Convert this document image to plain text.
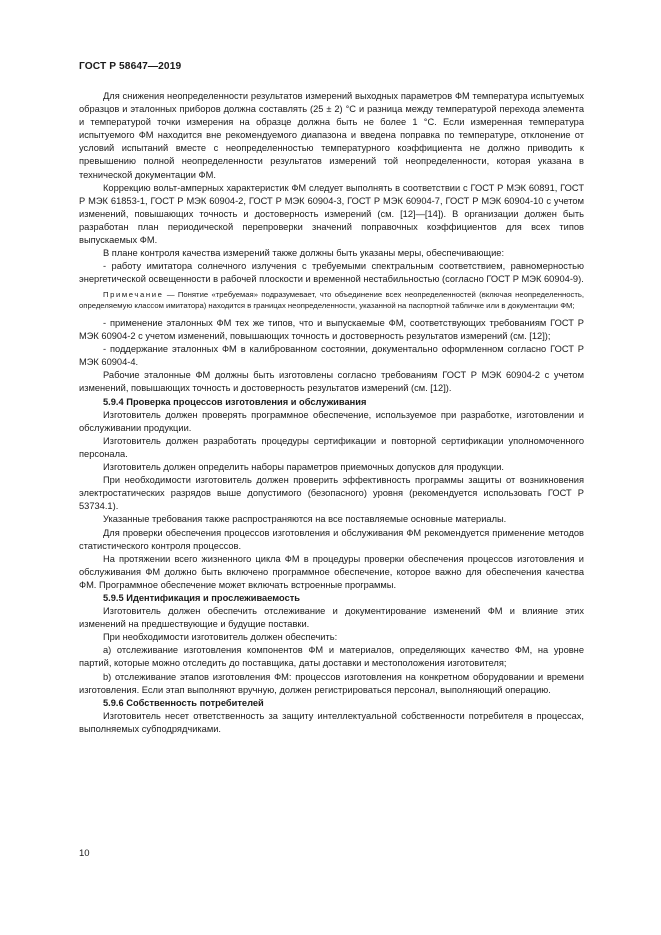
ГОСТ Р 58647—2019

Для снижения неопределенности результатов измерений выходных параметров ФМ температура испытуемых образцов и эталонных приборов должна составлять (25 ± 2) °С и разница между температурой перехода элемента и температурой точки измерения на образце должна быть не более 1 °С. Если измеренная температура испытуемого ФМ находится вне рекомендуемого диапазона и введена поправка по температуре, отклонение от условий испытаний вместе с неопределенностью температурного коэффициента не должно приводить к превышению полной неопределенности результатов измерений той неопределенности, которая указана в технической документации ФМ.

Коррекцию вольт-амперных характеристик ФМ следует выполнять в соответствии с ГОСТ Р МЭК 60891, ГОСТ Р МЭК 61853-1, ГОСТ Р МЭК 60904-2, ГОСТ Р МЭК 60904-3, ГОСТ Р МЭК 60904-7, ГОСТ Р МЭК 60904-10 с учетом изменений, повышающих точность и достоверность измерений (см. [12]—[14]). В организации должен быть разработан план периодической перепроверки значений поправочных коэффициентов для всех типов выпускаемых ФМ.

В плане контроля качества измерений также должны быть указаны меры, обеспечивающие:

- работу имитатора солнечного излучения с требуемыми спектральным соответствием, равномерностью энергетической освещенности в рабочей плоскости и временной нестабильностью (согласно ГОСТ Р МЭК 60904-9).

Примечание — Понятие «требуемая» подразумевает, что объединение всех неопределенностей (включая неопределенность, определяемую классом имитатора) находится в границах неопределенности, указанной на паспортной табличке или в документации ФМ;

- применение эталонных ФМ тех же типов, что и выпускаемые ФМ, соответствующих требованиям ГОСТ Р МЭК 60904-2 с учетом изменений, повышающих точность и достоверность результатов измерений (см. [12]);

- поддержание эталонных ФМ в калиброванном состоянии, документально оформленном согласно ГОСТ Р МЭК 60904-4.

Рабочие эталонные ФМ должны быть изготовлены согласно требованиям ГОСТ Р МЭК 60904-2 с учетом изменений, повышающих точность и достоверность результатов измерений (см. [12]).

5.9.4 Проверка процессов изготовления и обслуживания

Изготовитель должен проверять программное обеспечение, используемое при разработке, изготовлении и обслуживании продукции.

Изготовитель должен разработать процедуры сертификации и повторной сертификации уполномоченного персонала.

Изготовитель должен определить наборы параметров приемочных допусков для продукции.

При необходимости изготовитель должен проверить эффективность программы защиты от возникновения электростатических разрядов выше допустимого (безопасного) уровня (рекомендуется использовать ГОСТ Р 53734.1).

Указанные требования также распространяются на все поставляемые основные материалы.

Для проверки обеспечения процессов изготовления и обслуживания ФМ рекомендуется применение методов статистического контроля процессов.

На протяжении всего жизненного цикла ФМ в процедуры проверки обеспечения процессов изготовления и обслуживания ФМ должно быть включено программное обеспечение, которое важно для обеспечения качества ФМ. Программное обеспечение может включать встроенные программы.

5.9.5 Идентификация и прослеживаемость

Изготовитель должен обеспечить отслеживание и документирование изменений ФМ и влияние этих изменений на предшествующие и будущие поставки.

При необходимости изготовитель должен обеспечить:

а) отслеживание изготовления компонентов ФМ и материалов, определяющих качество ФМ, на уровне партий, которые можно отследить до поставщика, даты доставки и местоположения изготовителя;

b) отслеживание этапов изготовления ФМ: процессов изготовления на конкретном оборудовании и времени изготовления. Если этап выполняют вручную, должен регистрироваться персонал, выполняющий операцию.

5.9.6 Собственность потребителей

Изготовитель несет ответственность за защиту интеллектуальной собственности потребителя в процессах, выполняемых субподрядчиками.

10
